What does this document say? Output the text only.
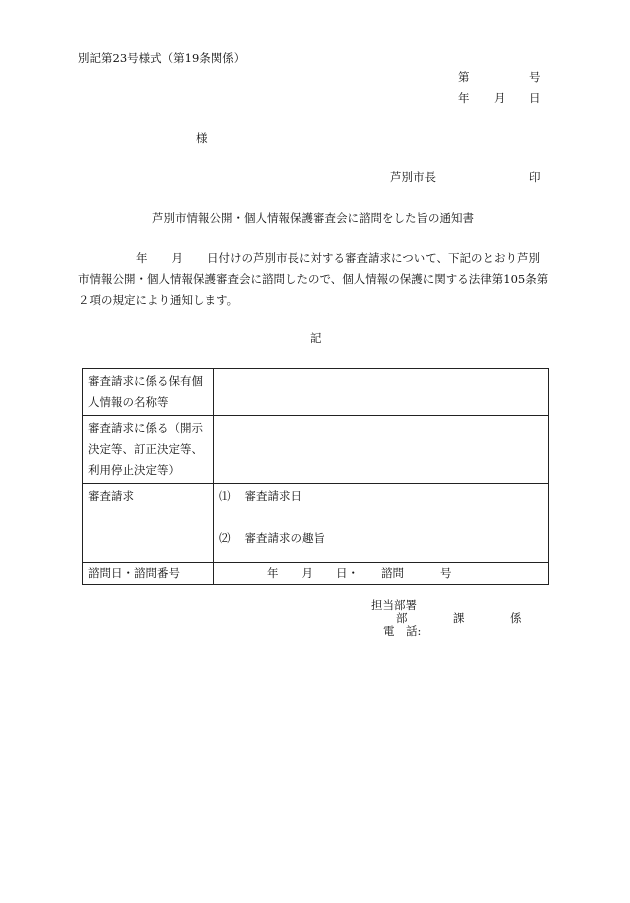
別記第23号様式（第19条関係）
第	号
年 月 日
様
芦別市長	印
芦別市情報公開・個人情報保護審査会に諮問をした旨の通知書
年 月 日付けの芦別市長に対する審査請求について、下記のとおり芦別
市情報公開・個人情報保護審査会に諮問したので、個人情報の保護に関する法律第105条第
２項の規定により通知します。
記
審査請求に係る保有個
人情報の名称等	

審査請求に係る（開示
決定等、訂正決定等、
利用停止決定等）	

審査請求	⑴ 審査請求日
⑵ 審査請求の趣旨

諮問日・諮問番号	年 月 日・ 諮問 号
担当部署
部	課	係
電　話:
